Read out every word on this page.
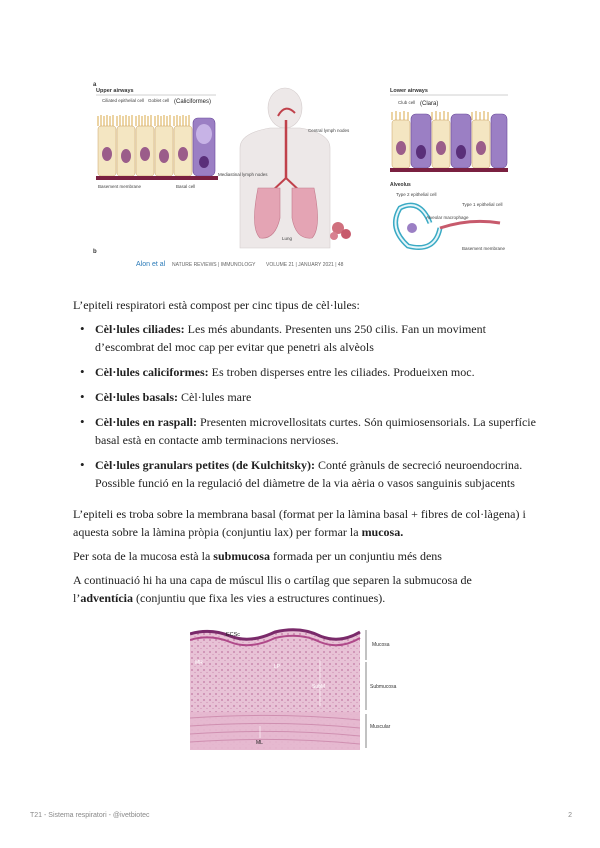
a
b
Upper airways
Ciliated epithelial cell Goblet cell (Caliciformes)
Basement membrane	Basal cell
Central lymph nodes
Mediastinal lymph nodes
Lung
Lower airways
Club cell (Clara)
Alveolus
Type 2 epithelial cell
Type 1 epithelial cell
Alveolar macrophage
Basement membrane
Alon et al NATURE REVIEWS | IMMUNOLOGY VOLUME 21 | JANUARY 2021 | 48
L’epiteli respiratori està compost per cinc tipus de cèl·lules:
• Cèl·lules ciliades: Les més abundants. Presenten uns 250 cilis. Fan un moviment d’escombrat del moc cap per evitar que penetri als alvèols
• Cèl·lules caliciformes: Es troben disperses entre les ciliades. Produeixen moc.
• Cèl·lules basals: Cèl·lules mare
• Cèl·lules en raspall: Presenten microvellositats curtes. Són quimiosensorials. La superfície basal està en contacte amb terminacions nervioses.
• Cèl·lules granulars petites (de Kulchitsky): Conté grànuls de secreció neuroendocrina. Possible funció en la regulació del diàmetre de la via aèria o vasos sanguinis subjacents
L’epiteli es troba sobre la membrana basal (format per la làmina basal + fibres de col·làgena) i aquesta sobre la làmina pròpia (conjuntiu lax) per formar la mucosa.
Per sota de la mucosa està la submucosa formada per un conjuntiu més dens
A continuació hi ha una capa de múscul llis o cartílag que separen la submucosa de l’adventícia (conjuntiu que fixa les vies a estructures continues).
ECSc
MR
LP
SubM
ML
Mucosa
Submucosa
Muscular
T21 - Sistema respiratori - @ivetbiotec	2
